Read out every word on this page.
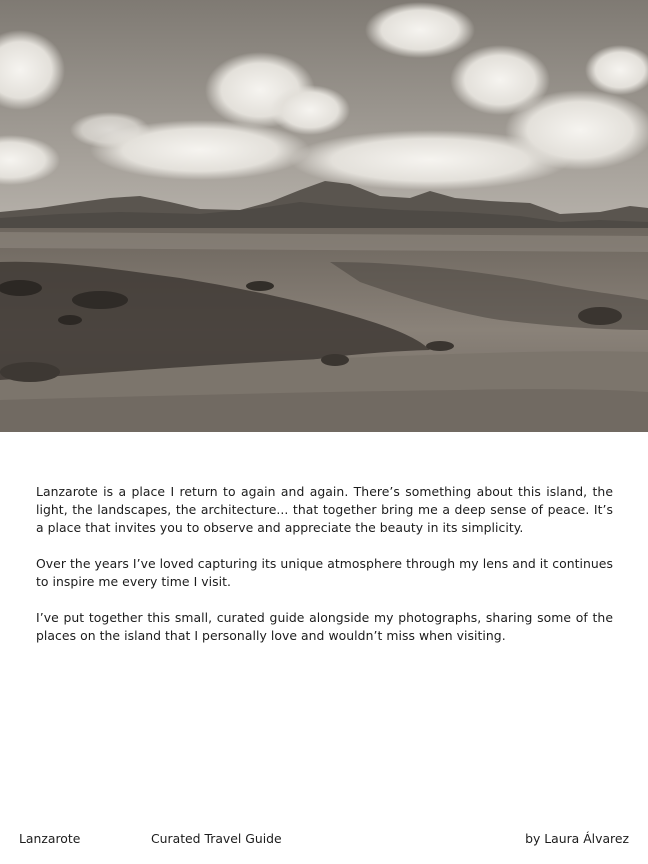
Lanzarote is a place I return to again and again. There’s something about this island, the light, the landscapes, the architecture... that together bring me a deep sense of peace. It’s a place that invites you to observe and appreciate the beauty in its simplicity.

Over the years I’ve loved capturing its unique atmosphere through my lens and it continues to inspire me every time I visit.

I’ve put together this small, curated guide alongside my photographs, sharing some of the places on the island that I personally love and wouldn’t miss when visiting.

Lanzarote	Curated Travel Guide	by Laura Álvarez
